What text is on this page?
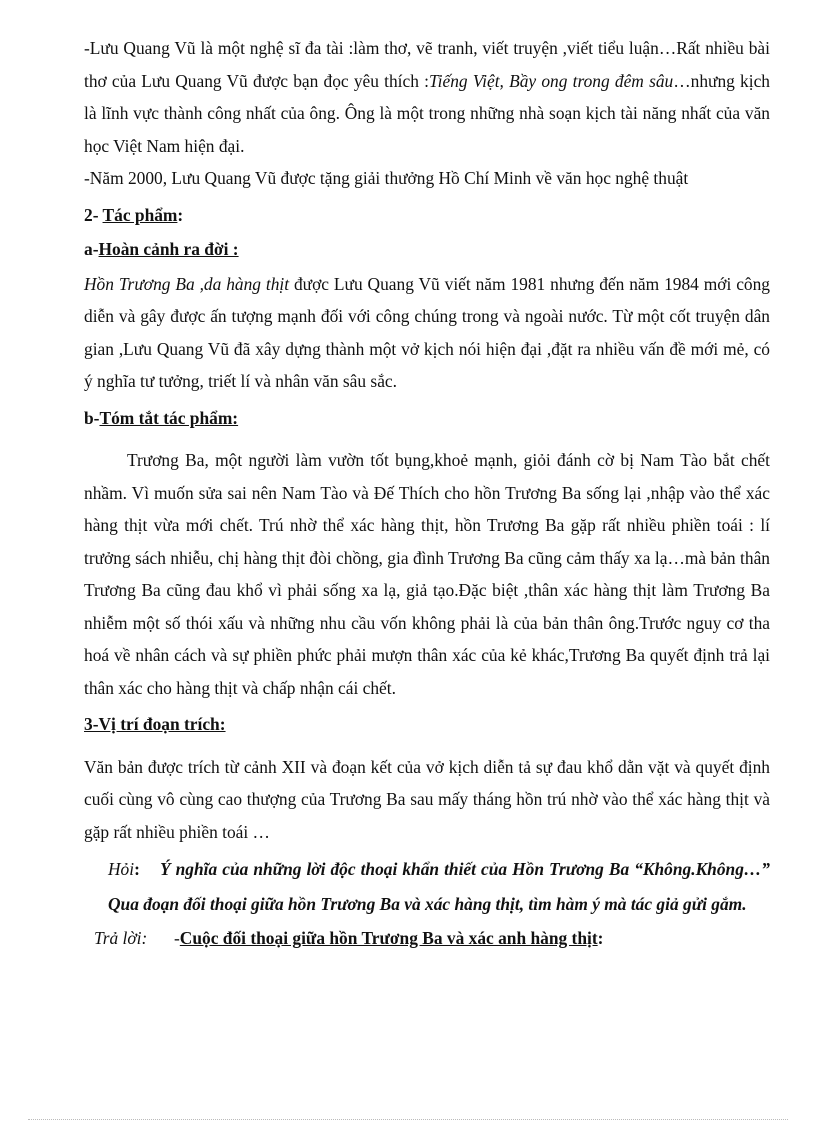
-Lưu Quang Vũ là một nghệ sĩ đa tài :làm thơ, vẽ tranh, viết truyện ,viết tiểu luận…Rất nhiều bài thơ của Lưu Quang Vũ được bạn đọc yêu thích :Tiếng Việt, Bầy ong trong đêm sâu…nhưng kịch là lĩnh vực thành công nhất của ông. Ông là một trong những nhà soạn kịch tài năng nhất của văn học Việt Nam hiện đại.

-Năm 2000, Lưu Quang Vũ được tặng giải thưởng Hồ Chí Minh về văn học nghệ thuật

2- Tác phẩm:
a-Hoàn cảnh ra đời :

Hồn Trương Ba ,da hàng thịt được Lưu Quang Vũ viết năm 1981 nhưng đến năm 1984 mới công diễn và gây được ấn tượng mạnh đối với công chúng trong và ngoài nước. Từ một cốt truyện dân gian ,Lưu Quang Vũ đã xây dựng thành một vở kịch nói hiện đại ,đặt ra nhiều vấn đề mới mẻ, có ý nghĩa tư tưởng, triết lí và nhân văn sâu sắc.

b-Tóm tắt tác phẩm:

Trương Ba, một người làm vườn tốt bụng,khoẻ mạnh, giỏi đánh cờ bị Nam Tào bắt chết nhầm. Vì muốn sửa sai nên Nam Tào và Đế Thích cho hồn Trương Ba sống lại ,nhập vào thể xác hàng thịt vừa mới chết. Trú nhờ thể xác hàng thịt, hồn Trương Ba gặp rất nhiều phiền toái : lí trưởng sách nhiễu, chị hàng thịt đòi chồng, gia đình Trương Ba cũng cảm thấy xa lạ…mà bản thân Trương Ba cũng đau khổ vì phải sống xa lạ, giả tạo.Đặc biệt ,thân xác hàng thịt làm Trương Ba nhiễm một số thói xấu và những nhu cầu vốn không phải là của bản thân ông.Trước nguy cơ tha hoá về nhân cách và sự phiền phức phải mượn thân xác của kẻ khác,Trương Ba quyết định trả lại thân xác cho hàng thịt và chấp nhận cái chết.

3-Vị trí đoạn trích:

Văn bản được trích từ cảnh XII và đoạn kết của vở kịch diễn tả sự đau khổ dằn vặt và quyết định cuối cùng vô cùng cao thượng của Trương Ba sau mấy tháng hồn trú nhờ vào thể xác hàng thịt và gặp rất nhiều phiền toái …

Hỏi: Ý nghĩa của những lời độc thoại khẩn thiết của Hồn Trương Ba “Không.Không…” Qua đoạn đối thoại giữa hồn Trương Ba và xác hàng thịt, tìm hàm ý mà tác giả gửi gắm.

Trả lời: -Cuộc đối thoại giữa hồn Trương Ba và xác anh hàng thịt:
